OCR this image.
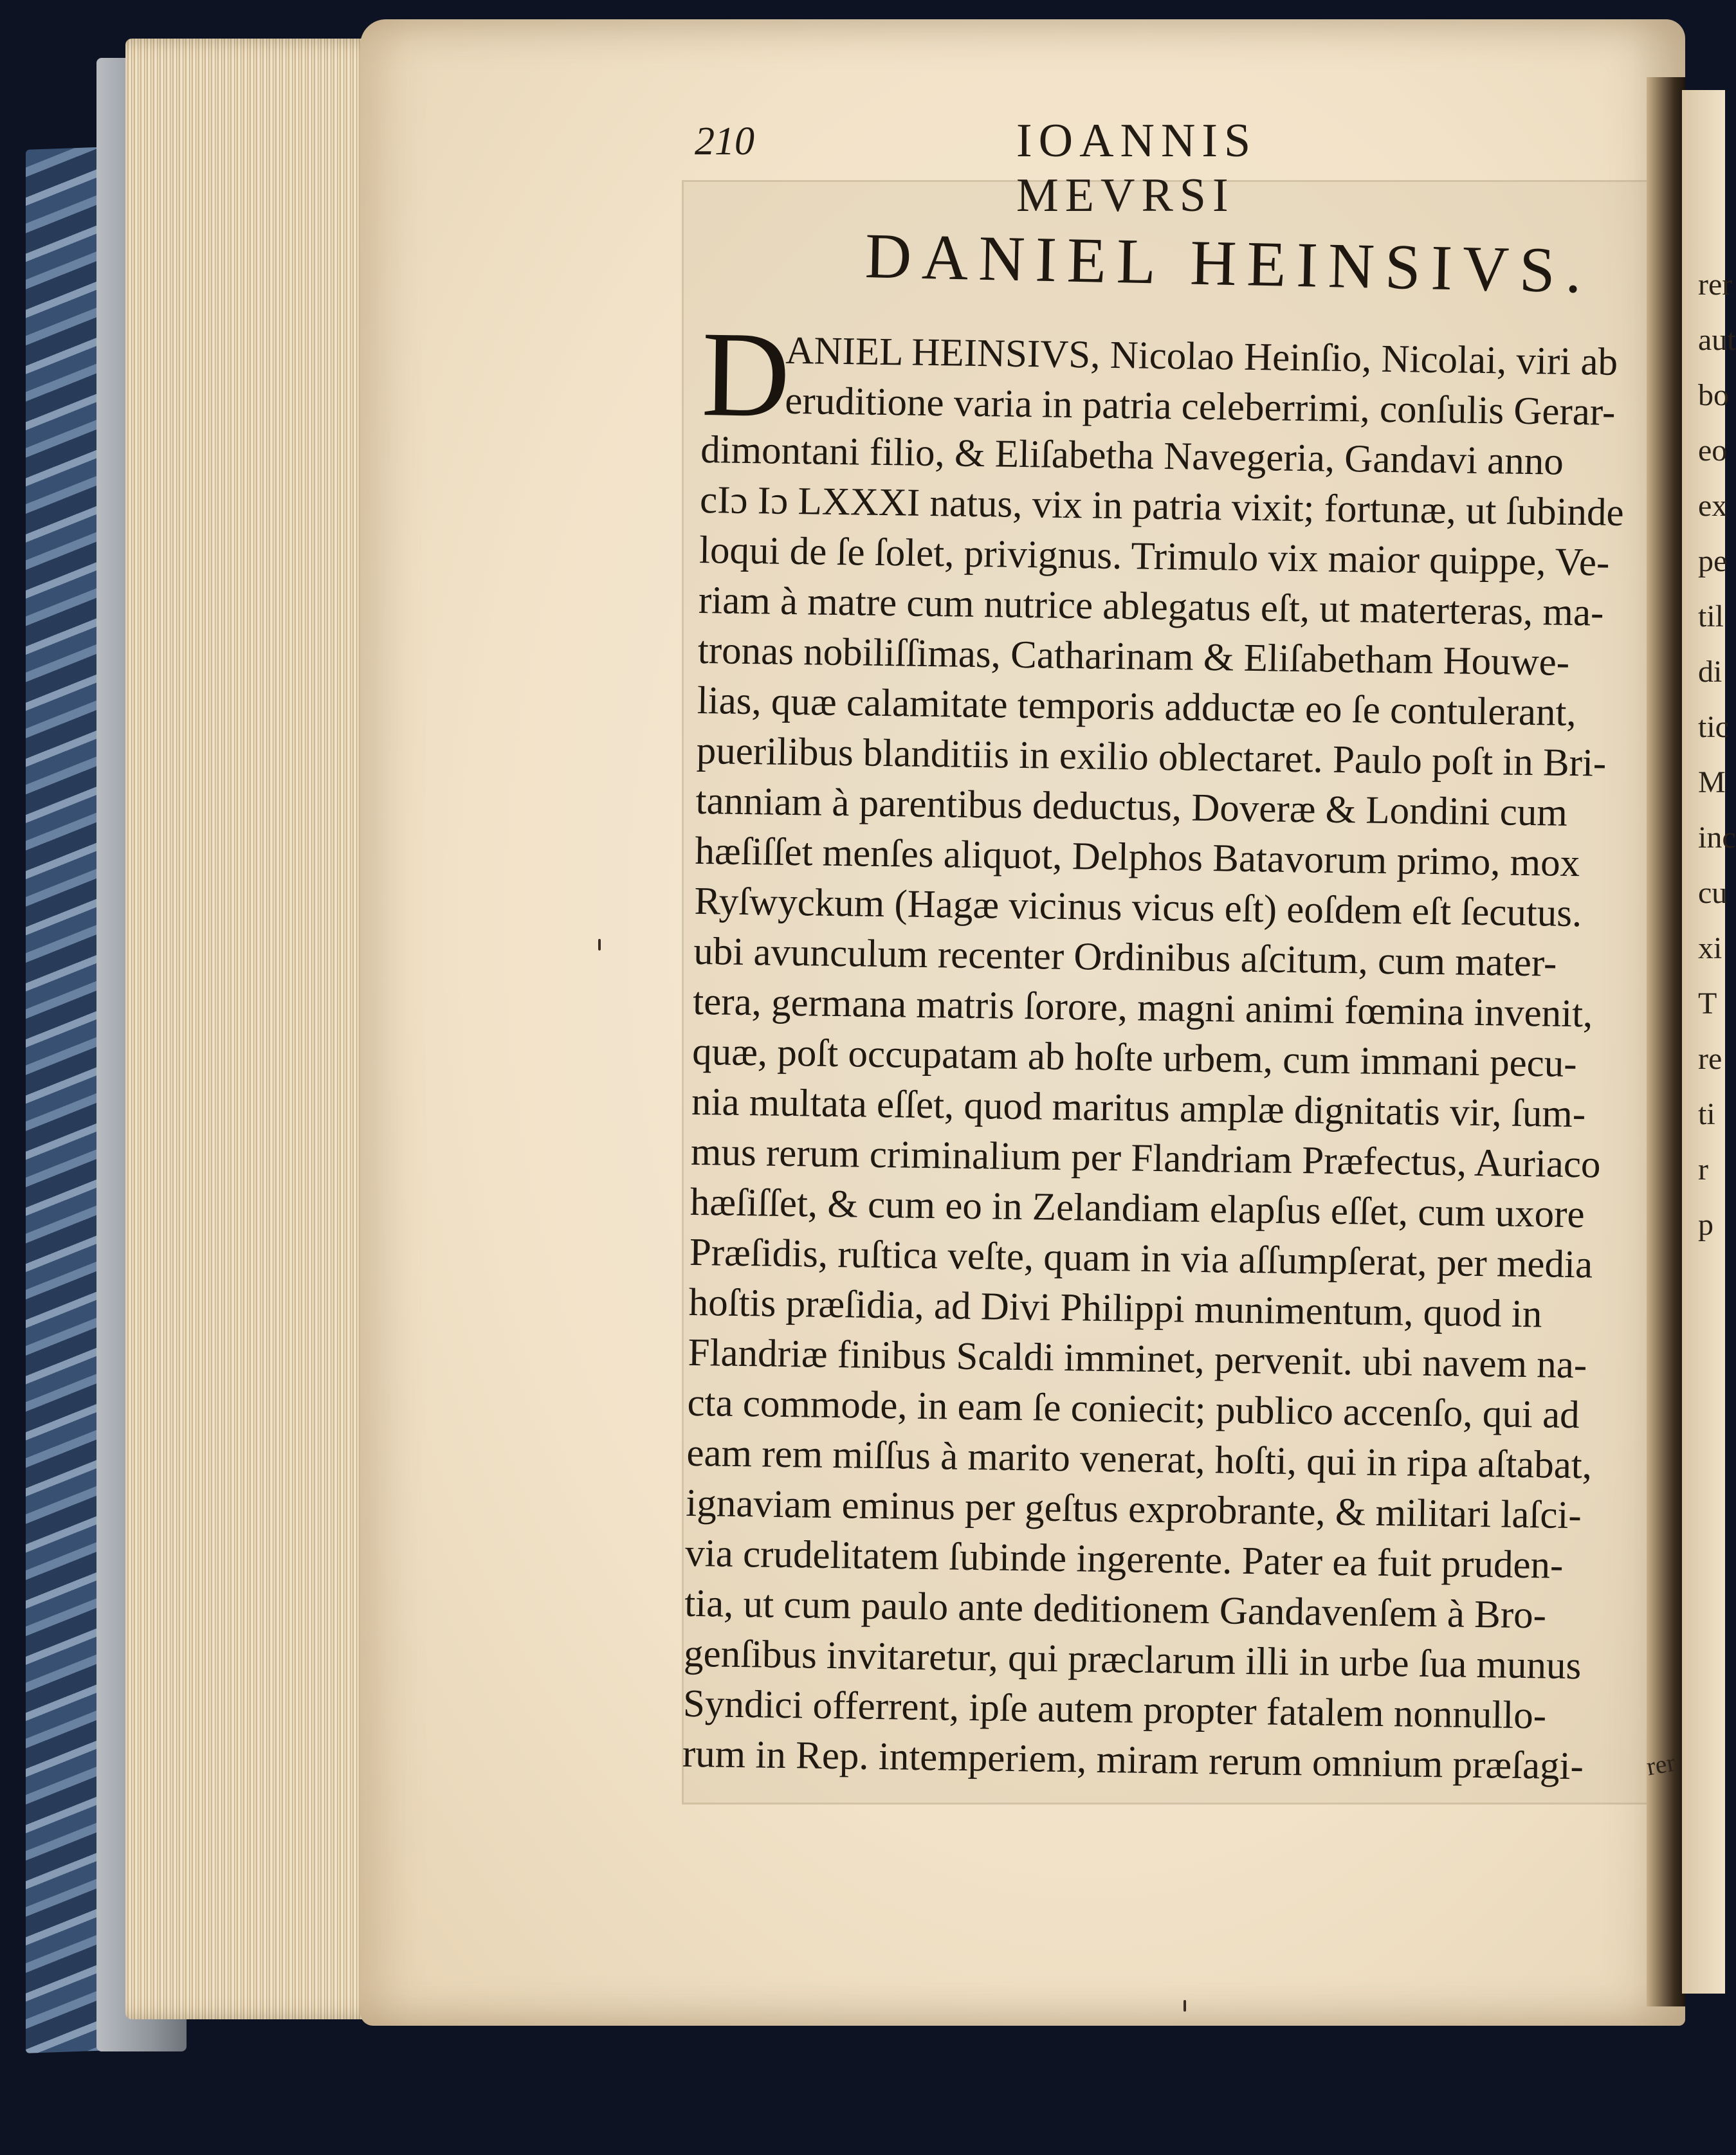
rer
aut
bo
eo
ex
pe
til
di
tic
M
inc
cu
xi
T
re
ti
r
p
210	IOANNIS MEVRSI
DANIEL HEINSIVS.
D
ANIEL HEINSIVS, Nicolao Heinſio, Nicolai, viri ab
eruditione varia in patria celeberrimi, conſulis Gerar-
dimontani filio, & Eliſabetha Navegeria, Gandavi anno
cIɔ Iɔ LXXXI natus, vix in patria vixit; fortunæ, ut ſubinde
loqui de ſe ſolet, privignus. Trimulo vix maior quippe, Ve-
riam à matre cum nutrice ablegatus eſt, ut materteras, ma-
tronas nobiliſſimas, Catharinam & Eliſabetham Houwe-
lias, quæ calamitate temporis adductæ eo ſe contulerant,
puerilibus blanditiis in exilio oblectaret. Paulo poſt in Bri-
tanniam à parentibus deductus, Doveræ & Londini cum
hæſiſſet menſes aliquot, Delphos Batavorum primo, mox
Ryſwyckum (Hagæ vicinus vicus eſt) eoſdem eſt ſecutus.
ubi avunculum recenter Ordinibus aſcitum, cum mater-
tera, germana matris ſorore, magni animi fœmina invenit,
quæ, poſt occupatam ab hoſte urbem, cum immani pecu-
nia multata eſſet, quod maritus amplæ dignitatis vir, ſum-
mus rerum criminalium per Flandriam Præfectus, Auriaco
hæſiſſet, & cum eo in Zelandiam elapſus eſſet, cum uxore
Præſidis, ruſtica veſte, quam in via aſſumpſerat, per media
hoſtis præſidia, ad Divi Philippi munimentum, quod in
Flandriæ finibus Scaldi imminet, pervenit. ubi navem na-
cta commode, in eam ſe coniecit; publico accenſo, qui ad
eam rem miſſus à marito venerat, hoſti, qui in ripa aſtabat,
ignaviam eminus per geſtus exprobrante, & militari laſci-
via crudelitatem ſubinde ingerente. Pater ea fuit pruden-
tia, ut cum paulo ante deditionem Gandavenſem à Bro-
genſibus invitaretur, qui præclarum illi in urbe ſua munus
Syndici offerrent, ipſe autem propter fatalem nonnullo-
rum in Rep. intemperiem, miram rerum omnium præſagi-	rer
